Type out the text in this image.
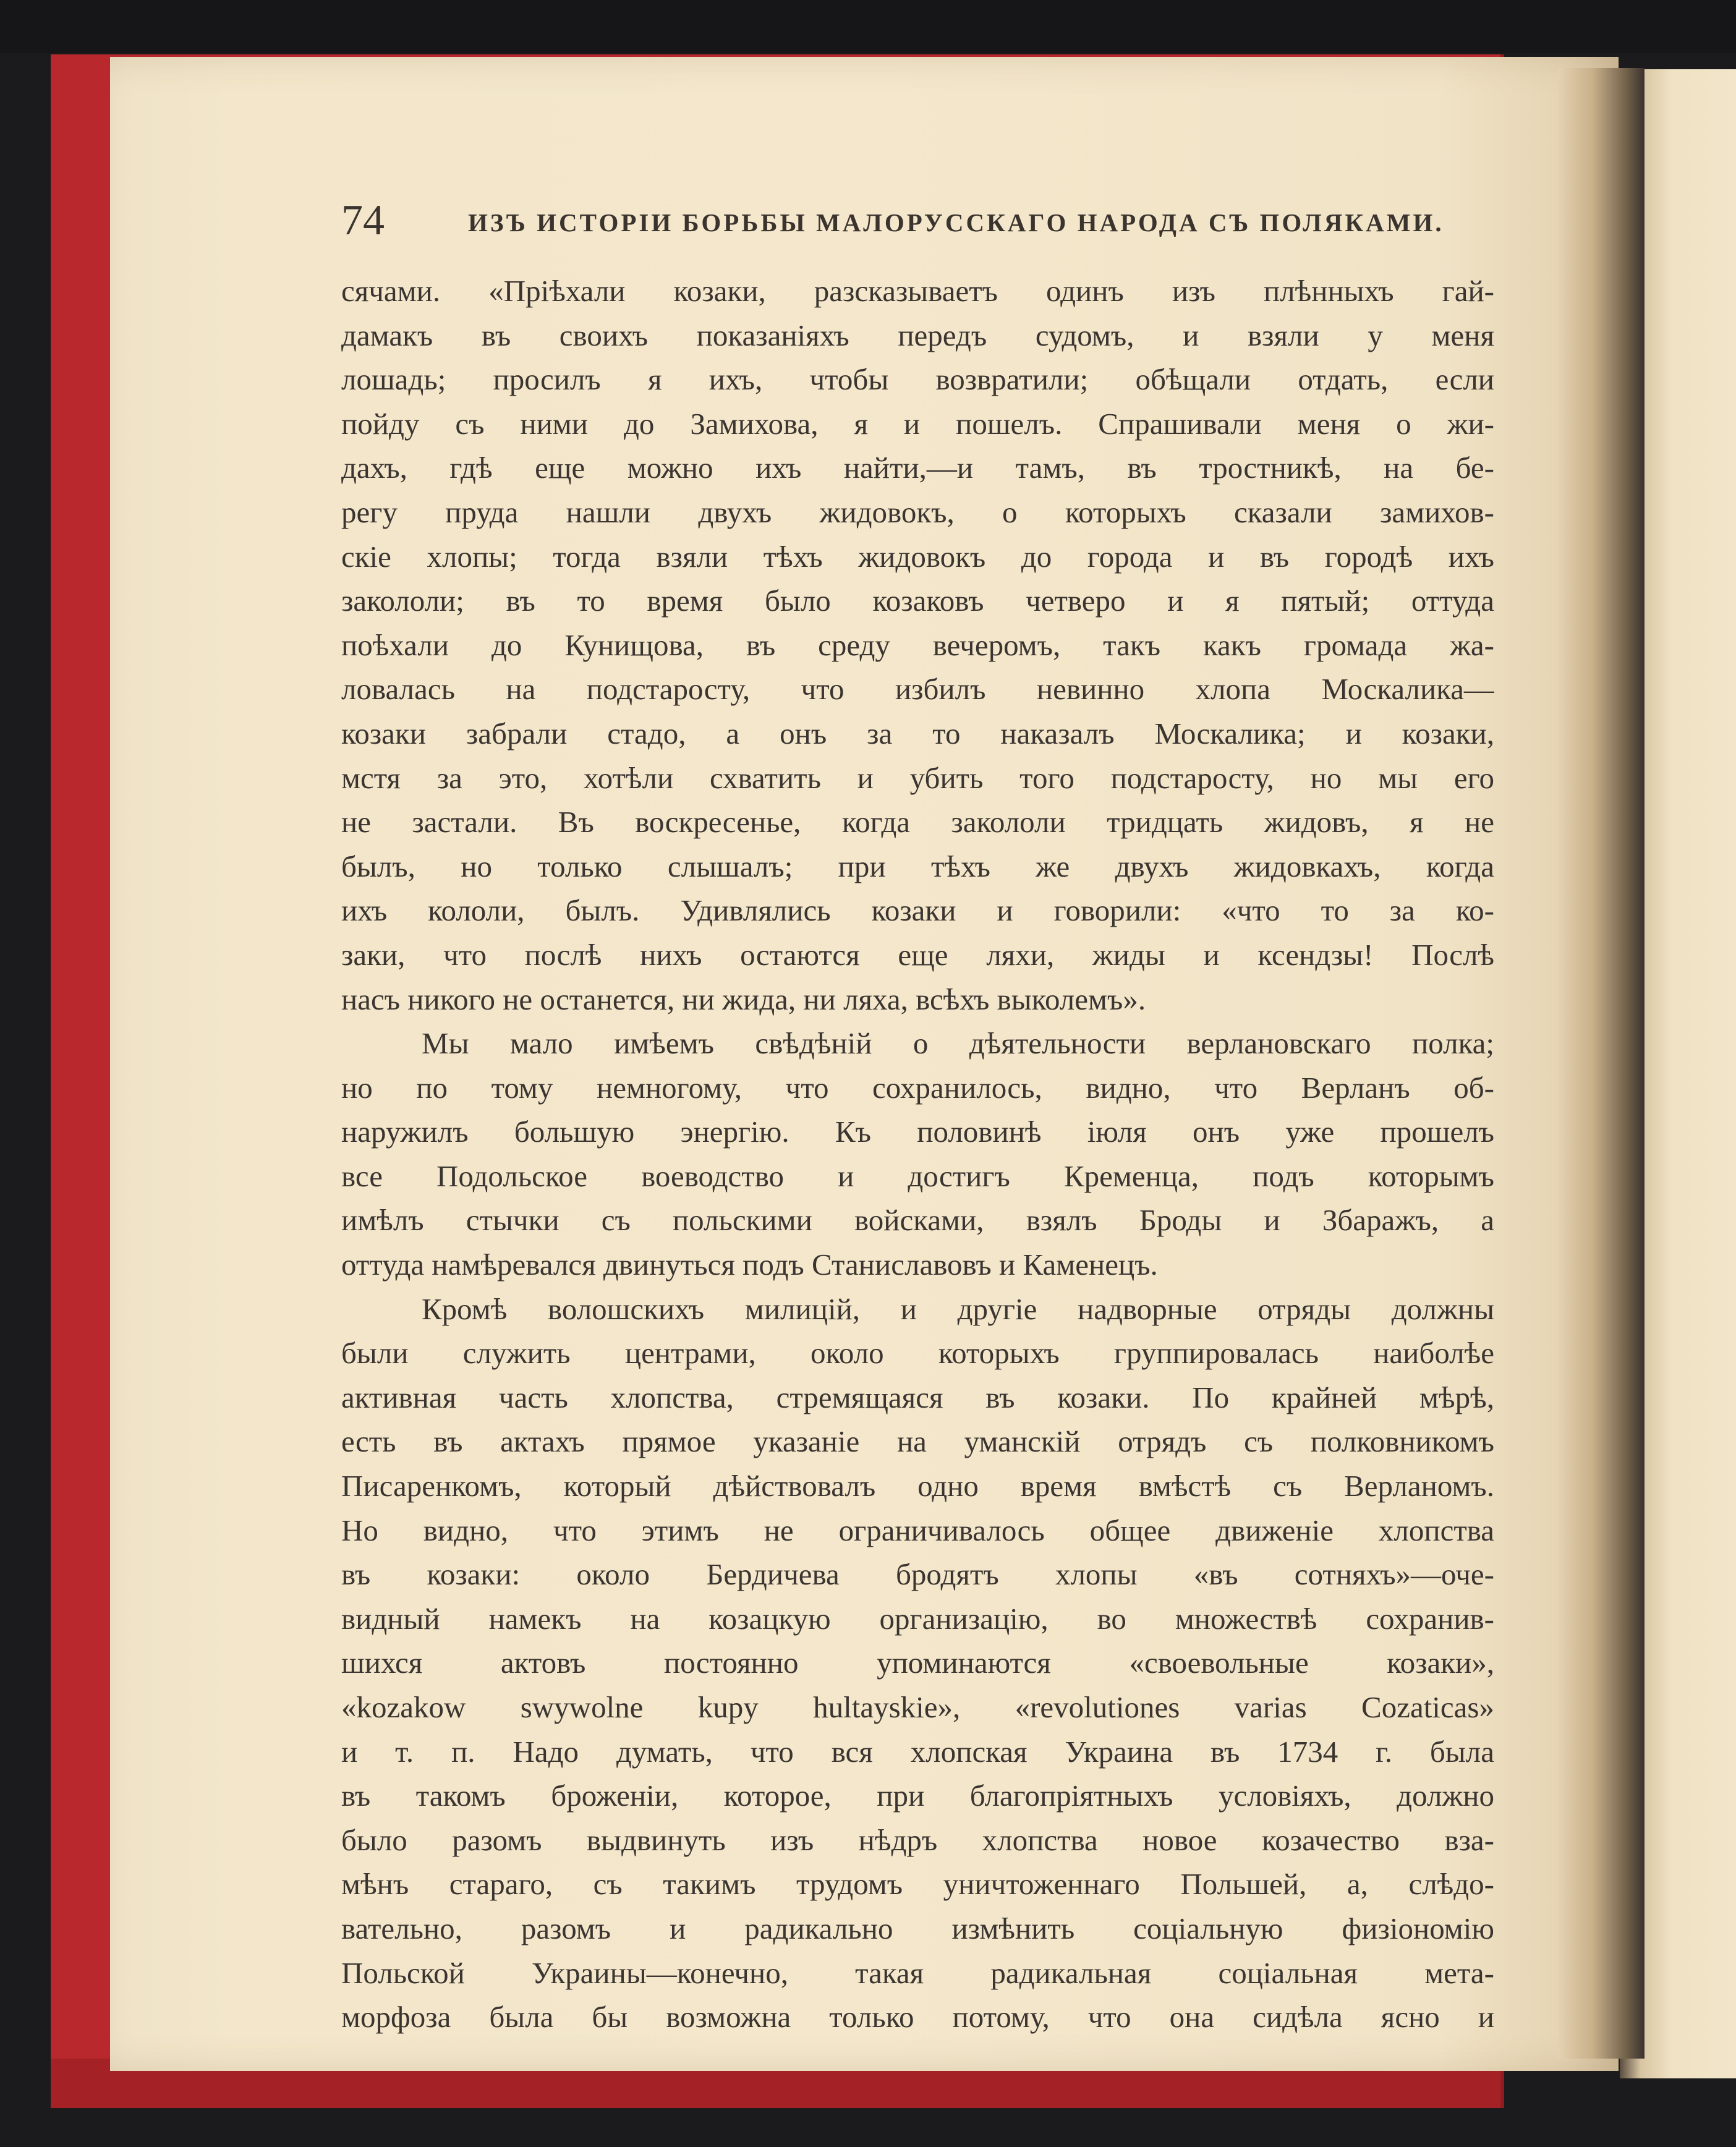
74	ИЗЪ ИСТОРІИ БОРЬБЫ МАЛОРУССКАГО НАРОДА СЪ ПОЛЯКАМИ.
сячами. «Пріѣхали козаки, разсказываетъ одинъ изъ плѣнныхъ гай-
дамакъ въ своихъ показаніяхъ передъ судомъ, и взяли у меня
лошадь; просилъ я ихъ, чтобы возвратили; обѣщали отдать, если
пойду съ ними до Замихова, я и пошелъ. Спрашивали меня о жи-
дахъ, гдѣ еще можно ихъ найти,—и тамъ, въ тростникѣ, на бе-
регу пруда нашли двухъ жидовокъ, о которыхъ сказали замихов-
скіе хлопы; тогда взяли тѣхъ жидовокъ до города и въ городѣ ихъ
закололи; въ то время было козаковъ четверо и я пятый; оттуда
поѣхали до Кунищова, въ среду вечеромъ, такъ какъ громада жа-
ловалась на подстаросту, что избилъ невинно хлопа Москалика—
козаки забрали стадо, а онъ за то наказалъ Москалика; и козаки,
мстя за это, хотѣли схватить и убить того подстаросту, но мы его
не застали. Въ воскресенье, когда закололи тридцать жидовъ, я не
былъ, но только слышалъ; при тѣхъ же двухъ жидовкахъ, когда
ихъ кололи, былъ. Удивлялись козаки и говорили: «что то за ко-
заки, что послѣ нихъ остаются еще ляхи, жиды и ксендзы! Послѣ
насъ никого не останется, ни жида, ни ляха, всѣхъ выколемъ».
Мы мало имѣемъ свѣдѣній о дѣятельности верлановскаго полка;
но по тому немногому, что сохранилось, видно, что Верланъ об-
наружилъ большую энергію. Къ половинѣ іюля онъ уже прошелъ
все Подольское воеводство и достигъ Кременца, подъ которымъ
имѣлъ стычки съ польскими войсками, взялъ Броды и Збаражъ, а
оттуда намѣревался двинуться подъ Станиславовъ и Каменецъ.
Кромѣ волошскихъ милицій, и другіе надворные отряды должны
были служить центрами, около которыхъ группировалась наиболѣе
активная часть хлопства, стремящаяся въ козаки. По крайней мѣрѣ,
есть въ актахъ прямое указаніе на уманскій отрядъ съ полковникомъ
Писаренкомъ, который дѣйствовалъ одно время вмѣстѣ съ Верланомъ.
Но видно, что этимъ не ограничивалось общее движеніе хлопства
въ козаки: около Бердичева бродятъ хлопы «въ сотняхъ»—оче-
видный намекъ на козацкую организацію, во множествѣ сохранив-
шихся актовъ постоянно упоминаются «своевольные козаки»,
«kozakow swywolne kupy hultayskie», «revolutiones varias Cozaticas»
и т. п. Надо думать, что вся хлопская Украина въ 1734 г. была
въ такомъ броженіи, которое, при благопріятныхъ условіяхъ, должно
было разомъ выдвинуть изъ нѣдръ хлопства новое козачество вза-
мѣнъ стараго, съ такимъ трудомъ уничтоженнаго Польшей, а, слѣдо-
вательно, разомъ и радикально измѣнить соціальную физіономію
Польской Украины—конечно, такая радикальная соціальная мета-
морфоза была бы возможна только потому, что она сидѣла ясно и
